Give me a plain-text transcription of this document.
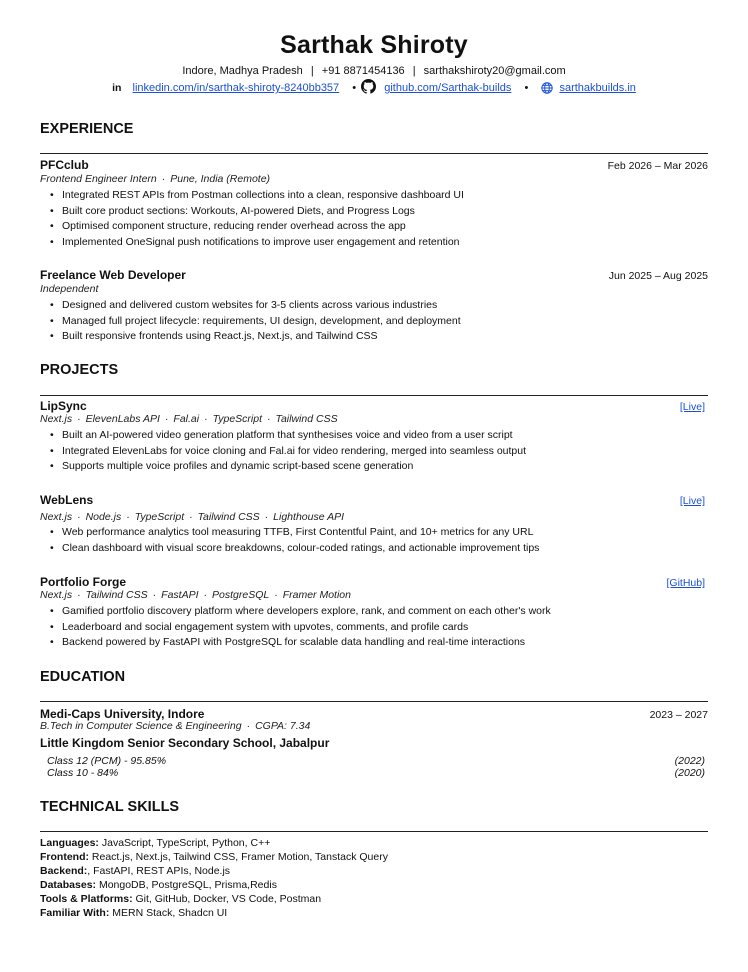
Sarthak Shiroty
Indore, Madhya Pradesh | +91 8871454136 | sarthakshiroty20@gmail.com
in linkedin.com/in/sarthak-shiroty-8240bb357 •	github.com/Sarthak-builds •	sarthakbuilds.in
EXPERIENCE
PFCclub	Feb 2026 – Mar 2026
Frontend Engineer Intern · Pune, India (Remote)
• Integrated REST APIs from Postman collections into a clean, responsive dashboard UI
• Built core product sections: Workouts, AI-powered Diets, and Progress Logs
• Optimised component structure, reducing render overhead across the app
• Implemented OneSignal push notifications to improve user engagement and retention
Freelance Web Developer	Jun 2025 – Aug 2025
Independent
• Designed and delivered custom websites for 3-5 clients across various industries
• Managed full project lifecycle: requirements, UI design, development, and deployment
• Built responsive frontends using React.js, Next.js, and Tailwind CSS
PROJECTS
LipSync	[Live]
Next.js · ElevenLabs API · Fal.ai · TypeScript · Tailwind CSS
• Built an AI-powered video generation platform that synthesises voice and video from a user script
• Integrated ElevenLabs for voice cloning and Fal.ai for video rendering, merged into seamless output
• Supports multiple voice profiles and dynamic script-based scene generation
WebLens	[Live]
Next.js · Node.js · TypeScript · Tailwind CSS · Lighthouse API
• Web performance analytics tool measuring TTFB, First Contentful Paint, and 10+ metrics for any URL
• Clean dashboard with visual score breakdowns, colour-coded ratings, and actionable improvement tips
Portfolio Forge	[GitHub]
Next.js · Tailwind CSS · FastAPI · PostgreSQL · Framer Motion
• Gamified portfolio discovery platform where developers explore, rank, and comment on each other's work
• Leaderboard and social engagement system with upvotes, comments, and profile cards
• Backend powered by FastAPI with PostgreSQL for scalable data handling and real-time interactions
EDUCATION
Medi-Caps University, Indore	2023 – 2027
B.Tech in Computer Science & Engineering · CGPA: 7.34
Little Kingdom Senior Secondary School, Jabalpur
Class 12 (PCM) - 95.85%	(2022)
Class 10 - 84%	(2020)
TECHNICAL SKILLS
Languages: JavaScript, TypeScript, Python, C++
Frontend: React.js, Next.js, Tailwind CSS, Framer Motion, Tanstack Query
Backend:, FastAPI, REST APIs, Node.js
Databases: MongoDB, PostgreSQL, Prisma,Redis
Tools & Platforms: Git, GitHub, Docker, VS Code, Postman
Familiar With: MERN Stack, Shadcn UI
